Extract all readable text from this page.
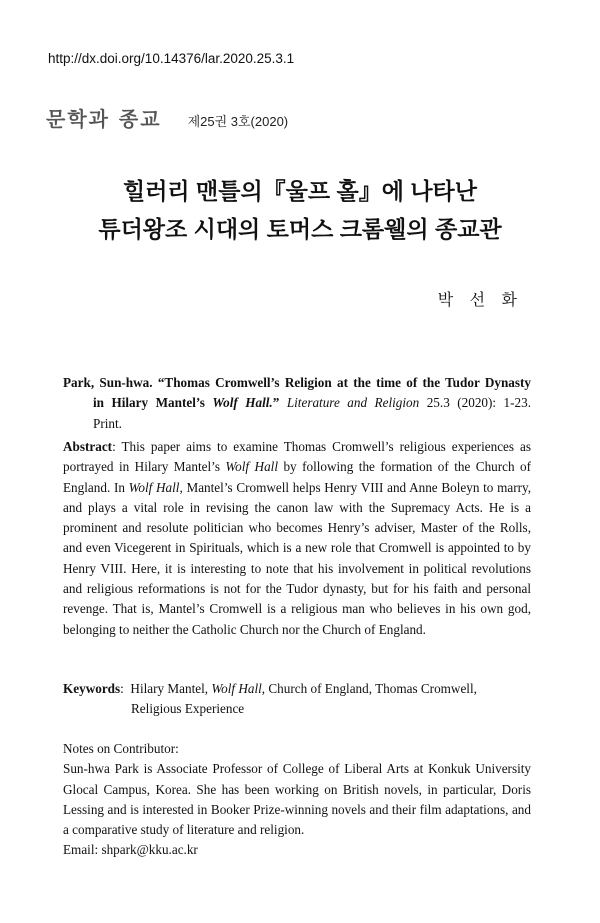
http://dx.doi.org/10.14376/lar.2020.25.3.1
문학과 종교 제25권 3호(2020)
힐러리 맨틀의『울프 홀』에 나타난
튜더왕조 시대의 토머스 크롬웰의 종교관
박 선 화
Park, Sun-hwa. “Thomas Cromwell’s Religion at the time of the Tudor Dynasty
in Hilary Mantel’s Wolf Hall.” Literature and Religion 25.3 (2020): 1-23.
Print.
Abstract: This paper aims to examine Thomas Cromwell’s religious experiences as portrayed in Hilary Mantel’s Wolf Hall by following the formation of the Church of England. In Wolf Hall, Mantel’s Cromwell helps Henry VIII and Anne Boleyn to marry, and plays a vital role in revising the canon law with the Supremacy Acts. He is a prominent and resolute politician who becomes Henry’s adviser, Master of the Rolls, and even Vicegerent in Spirituals, which is a new role that Cromwell is appointed to by Henry VIII. Here, it is interesting to note that his involvement in political revolutions and religious reformations is not for the Tudor dynasty, but for his faith and personal revenge. That is, Mantel’s Cromwell is a religious man who believes in his own god, belonging to neither the Catholic Church nor the Church of England.
Keywords: Hilary Mantel, Wolf Hall, Church of England, Thomas Cromwell,
Religious Experience
Notes on Contributor:
Sun-hwa Park is Associate Professor of College of Liberal Arts at Konkuk University Glocal Campus, Korea. She has been working on British novels, in particular, Doris Lessing and is interested in Booker Prize-winning novels and their film adaptations, and a comparative study of literature and religion.
Email: shpark@kku.ac.kr
